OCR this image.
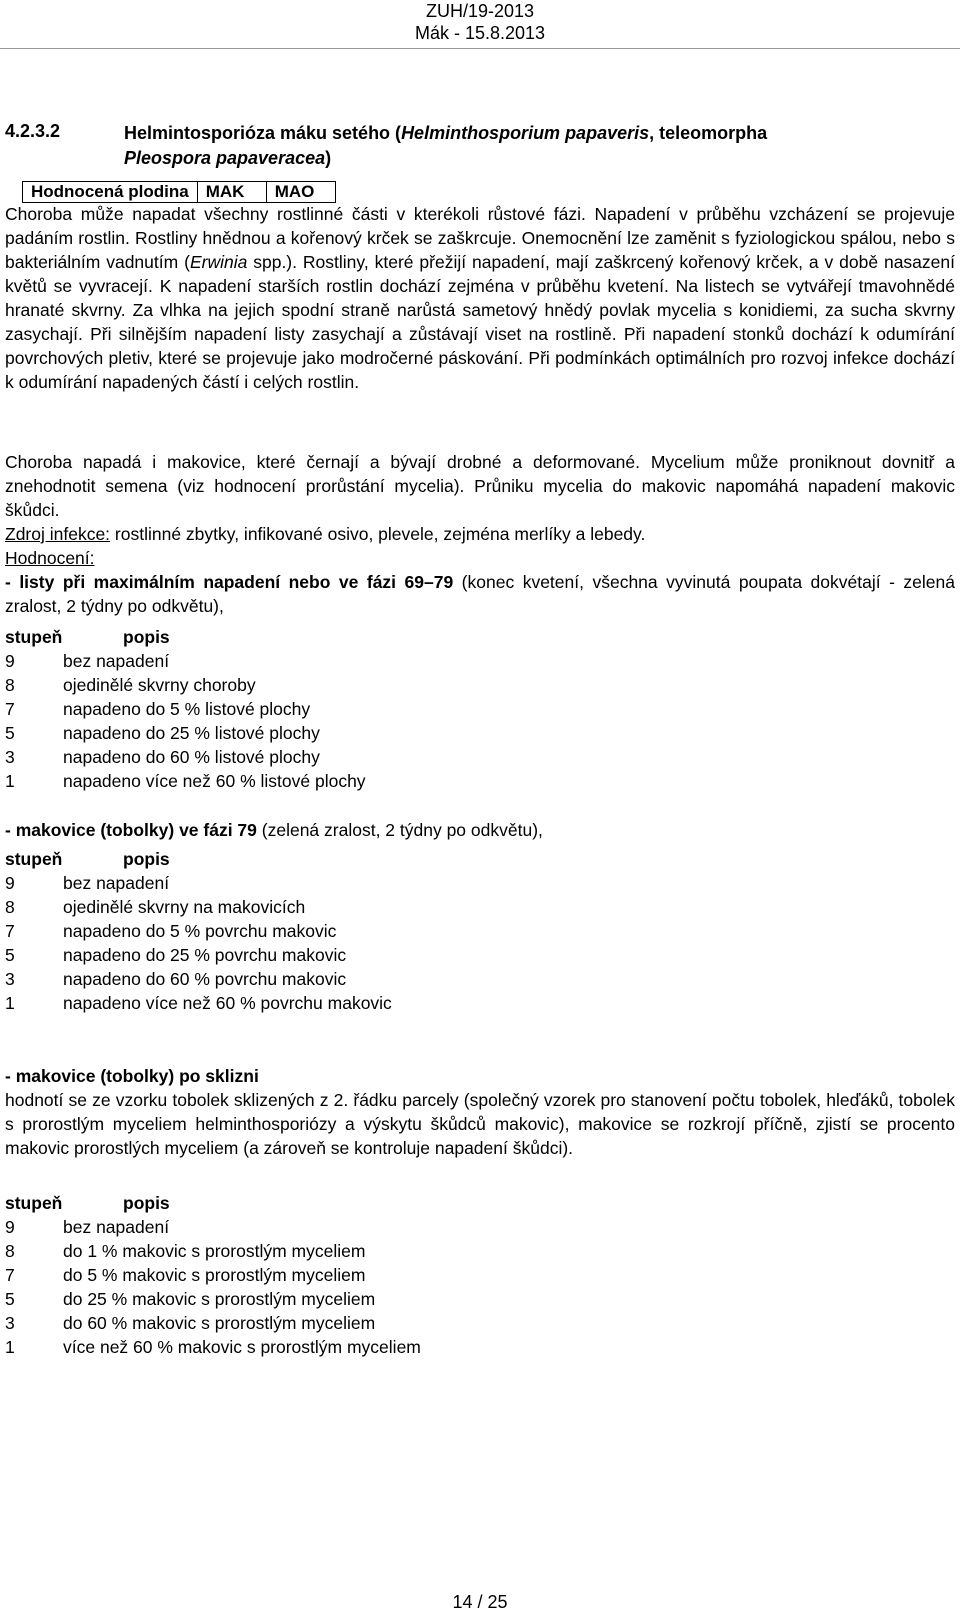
ZUH/19-2013
Mák - 15.8.2013
4.2.3.2	Helmintosporióza máku setého (Helminthosporium papaveris, teleomorpha
Pleospora papaveracea)
Hodnocená plodina	MAK	MAO
Choroba může napadat všechny rostlinné části v kterékoli růstové fázi. Napadení v průběhu vzcházení se projevuje padáním rostlin. Rostliny hnědnou a kořenový krček se zaškrcuje. Onemocnění lze zaměnit s fyziologickou spálou, nebo s bakteriálním vadnutím (Erwinia spp.). Rostliny, které přežijí napadení, mají zaškrcený kořenový krček, a v době nasazení květů se vyvracejí. K napadení starších rostlin dochází zejména v průběhu kvetení. Na listech se vytvářejí tmavohnědé hranaté skvrny. Za vlhka na jejich spodní straně narůstá sametový hnědý povlak mycelia s konidiemi, za sucha skvrny zasychají. Při silnějším napadení listy zasychají a zůstávají viset na rostlině. Při napadení stonků dochází k odumírání povrchových pletiv, které se projevuje jako modročerné páskování. Při podmínkách optimálních pro rozvoj infekce dochází k odumírání napadených částí i celých rostlin.
Choroba napadá i makovice, které černají a bývají drobné a deformované. Mycelium může proniknout dovnitř a znehodnotit semena (viz hodnocení prorůstání mycelia). Průniku mycelia do makovic napomáhá napadení makovic škůdci.
Zdroj infekce: rostlinné zbytky, infikované osivo, plevele, zejména merlíky a lebedy.
Hodnocení:
- listy při maximálním napadení nebo ve fázi 69–79 (konec kvetení, všechna vyvinutá poupata dokvétají - zelená zralost, 2 týdny po odkvětu),
stupeň	popis
9	bez napadení
8	ojedinělé skvrny choroby
7	napadeno do 5 % listové plochy
5	napadeno do 25 % listové plochy
3	napadeno do 60 % listové plochy
1	napadeno více než 60 % listové plochy
- makovice (tobolky) ve fázi 79 (zelená zralost, 2 týdny po odkvětu),
stupeň	popis
9	bez napadení
8	ojedinělé skvrny na makovicích
7	napadeno do 5 % povrchu makovic
5	napadeno do 25 % povrchu makovic
3	napadeno do 60 % povrchu makovic
1	napadeno více než 60 % povrchu makovic
- makovice (tobolky) po sklizni
hodnotí se ze vzorku tobolek sklizených z 2. řádku parcely (společný vzorek pro stanovení počtu tobolek, hleďáků, tobolek s prorostlým myceliem helminthosporiózy a výskytu škůdců makovic), makovice se rozkrojí příčně, zjistí se procento makovic prorostlých myceliem (a zároveň se kontroluje napadení škůdci).
stupeň	popis
9	bez napadení
8	do 1 % makovic s prorostlým myceliem
7	do 5 % makovic s prorostlým myceliem
5	do 25 % makovic s prorostlým myceliem
3	do 60 % makovic s prorostlým myceliem
1	více než 60 % makovic s prorostlým myceliem
14 / 25
